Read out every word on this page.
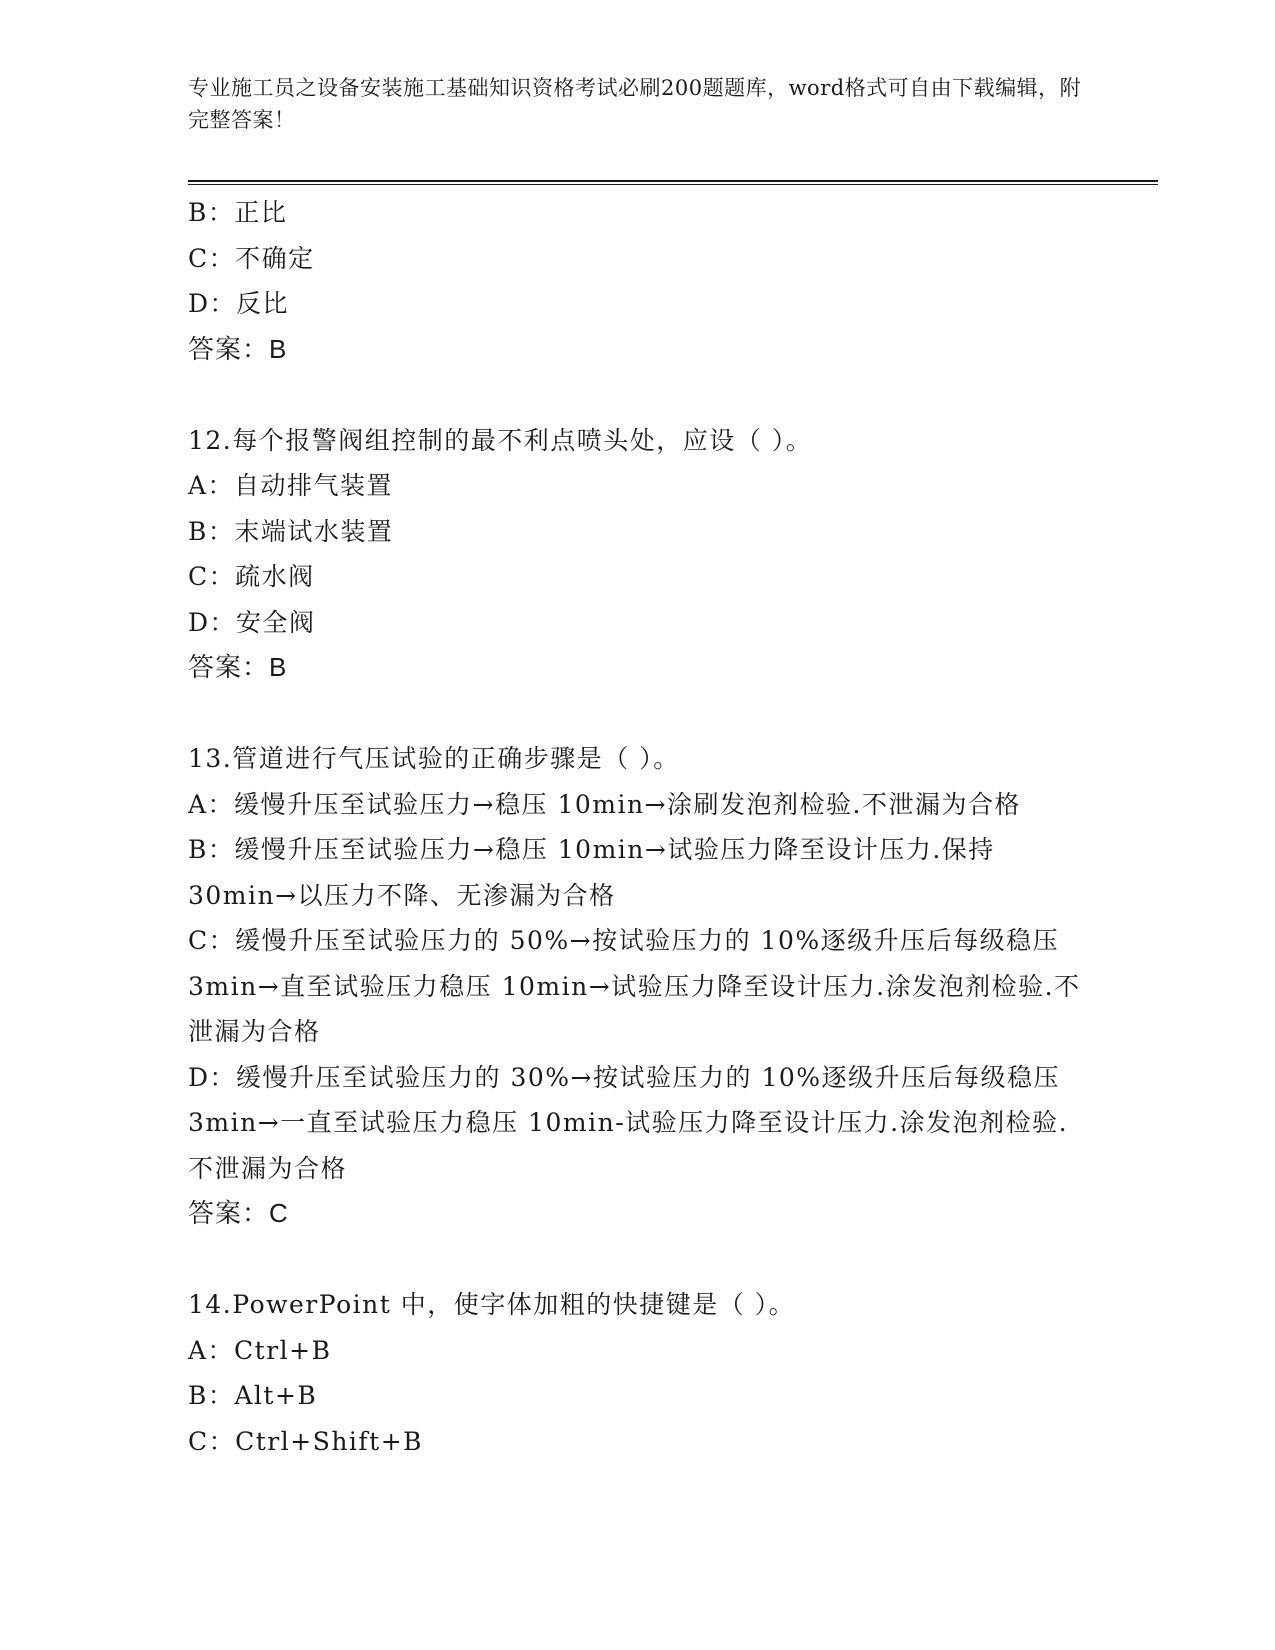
专业施工员之设备安装施工基础知识资格考试必刷200题题库，word格式可自由下载编辑，附完整答案！
B：正比
C：不确定
D：反比
答案：B
12.每个报警阀组控制的最不利点喷头处，应设（ ）。
A：自动排气装置
B：末端试水装置
C：疏水阀
D：安全阀
答案：B
13.管道进行气压试验的正确步骤是（ ）。
A：缓慢升压至试验压力→稳压 10min→涂刷发泡剂检验.不泄漏为合格
B：缓慢升压至试验压力→稳压 10min→试验压力降至设计压力.保持 30min→以压力不降、无渗漏为合格
C：缓慢升压至试验压力的 50%→按试验压力的 10%逐级升压后每级稳压 3min→直至试验压力稳压 10min→试验压力降至设计压力.涂发泡剂检验.不泄漏为合格
D：缓慢升压至试验压力的 30%→按试验压力的 10%逐级升压后每级稳压 3min→一直至试验压力稳压 10min-试验压力降至设计压力.涂发泡剂检验.不泄漏为合格
答案：C
14.PowerPoint 中，使字体加粗的快捷键是（ ）。
A：Ctrl+B
B：Alt+B
C：Ctrl+Shift+B
